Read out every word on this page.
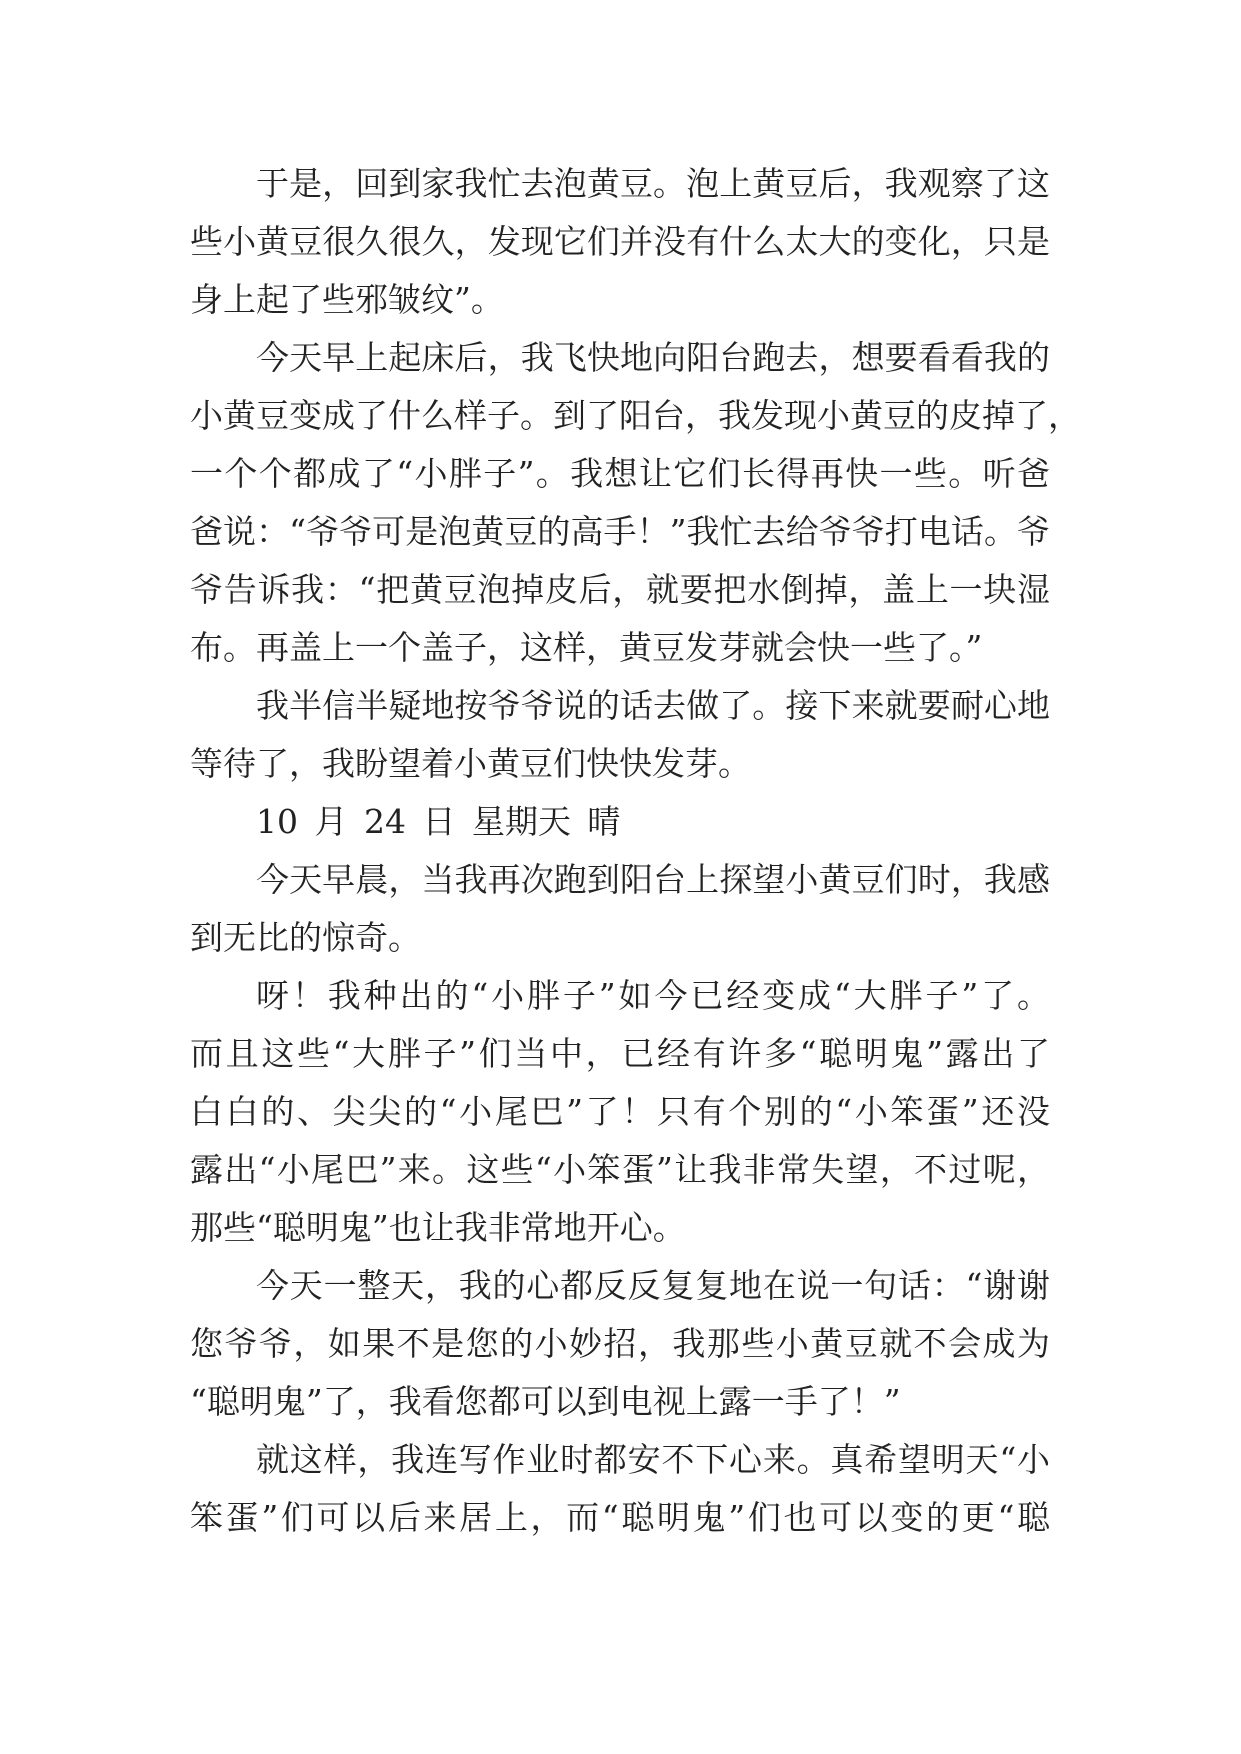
于是，回到家我忙去泡黄豆。泡上黄豆后，我观察了这
些小黄豆很久很久，发现它们并没有什么太大的变化，只是
身上起了些邪皱纹”。
今天早上起床后，我飞快地向阳台跑去，想要看看我的
小黄豆变成了什么样子。到了阳台，我发现小黄豆的皮掉了，
一个个都成了“小胖子”。我想让它们长得再快一些。听爸
爸说：“爷爷可是泡黄豆的高手！”我忙去给爷爷打电话。爷
爷告诉我：“把黄豆泡掉皮后，就要把水倒掉，盖上一块湿
布。再盖上一个盖子，这样，黄豆发芽就会快一些了。”
我半信半疑地按爷爷说的话去做了。接下来就要耐心地
等待了，我盼望着小黄豆们快快发芽。
10 月 24 日 星期天 晴
今天早晨，当我再次跑到阳台上探望小黄豆们时，我感
到无比的惊奇。
呀！我种出的“小胖子”如今已经变成“大胖子”了。
而且这些“大胖子”们当中，已经有许多“聪明鬼”露出了
白白的、尖尖的“小尾巴”了！只有个别的“小笨蛋”还没
露出“小尾巴”来。这些“小笨蛋”让我非常失望，不过呢，
那些“聪明鬼”也让我非常地开心。
今天一整天，我的心都反反复复地在说一句话：“谢谢
您爷爷，如果不是您的小妙招，我那些小黄豆就不会成为
“聪明鬼”了，我看您都可以到电视上露一手了！”
就这样，我连写作业时都安不下心来。真希望明天“小
笨蛋”们可以后来居上，而“聪明鬼”们也可以变的更“聪
